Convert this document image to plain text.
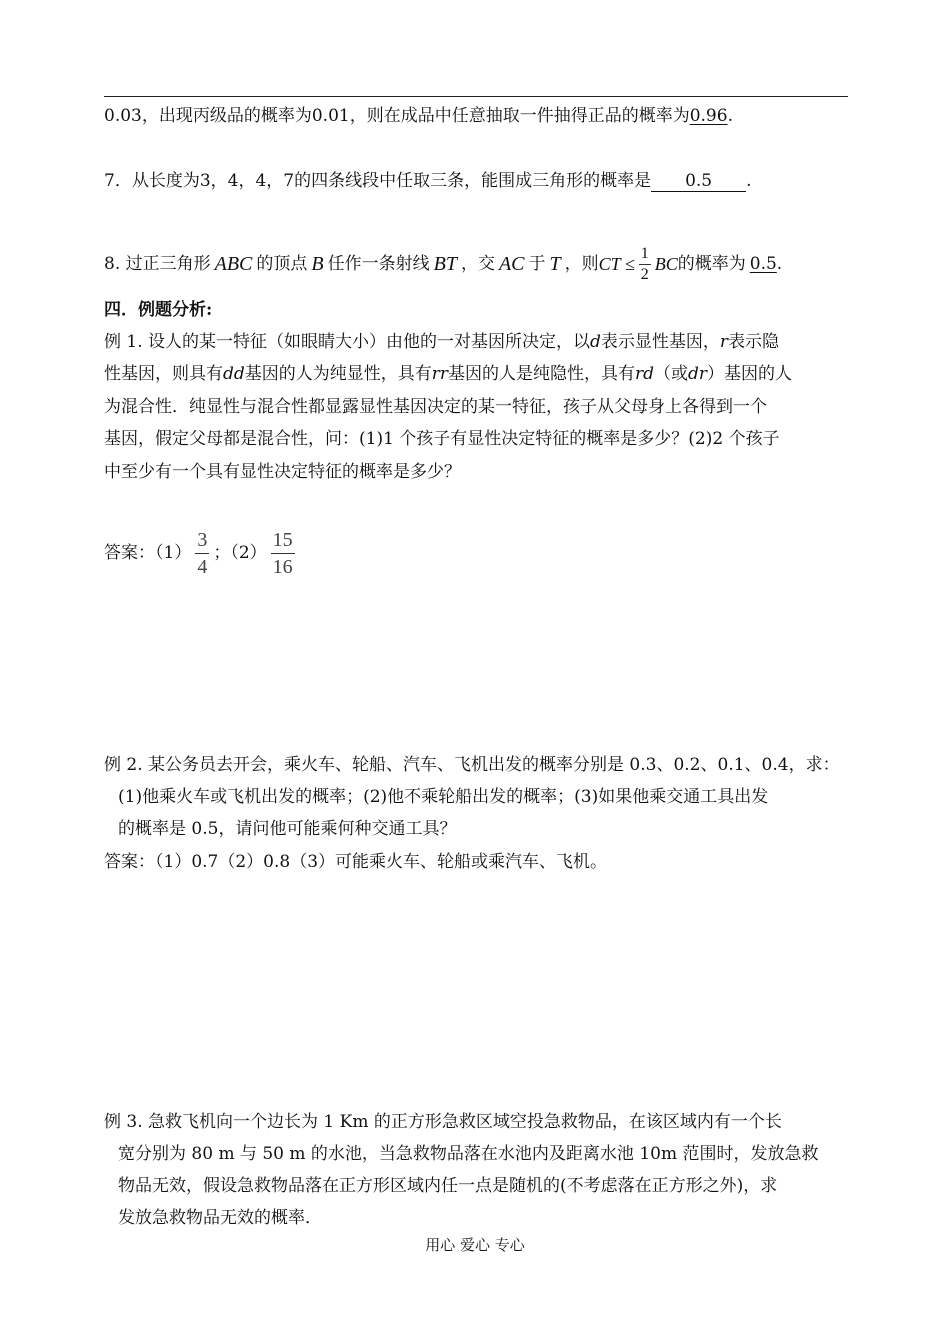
0.03，出现丙级品的概率为0.01，则在成品中任意抽取一件抽得正品的概率为0.96.
7．从长度为3，4，4，7的四条线段中任取三条，能围成三角形的概率是 0.5 .
8. 过正三角形 ABC 的顶点 B 任作一条射线 BT ，交 AC 于 T ，则 CT ≤ $\frac{1}{2}$ BC 的概率为 0.5 .
四．例题分析:
例 1. 设人的某一特征（如眼睛大小）由他的一对基因所决定，以d表示显性基因，r表示隐
性基因，则具有dd基因的人为纯显性，具有rr基因的人是纯隐性，具有rd（或dr）基因的人
为混合性．纯显性与混合性都显露显性基因决定的某一特征，孩子从父母身上各得到一个
基因，假定父母都是混合性，问：(1)1 个孩子有显性决定特征的概率是多少？(2)2 个孩子
中至少有一个具有显性决定特征的概率是多少？
答案：$(1) \frac{3}{4}$ ；$(2) \frac{15}{16}$
例 2. 某公务员去开会，乘火车、轮船、汽车、飞机出发的概率分别是 0.3、0.2、0.1、0.4，求：
(1)他乘火车或飞机出发的概率；(2)他不乘轮船出发的概率；(3)如果他乘交通工具出发
的概率是 0.5，请问他可能乘何种交通工具？
答案：（1）0.7（2）0.8（3）可能乘火车、轮船或乘汽车、飞机。
例 3. 急救飞机向一个边长为 1 Km 的正方形急救区域空投急救物品，在该区域内有一个长
宽分别为 80 m 与 50 m 的水池，当急救物品落在水池内及距离水池 10m 范围时，发放急救
物品无效，假设急救物品落在正方形区域内任一点是随机的(不考虑落在正方形之外)，求
发放急救物品无效的概率．
用心 爱心 专心
